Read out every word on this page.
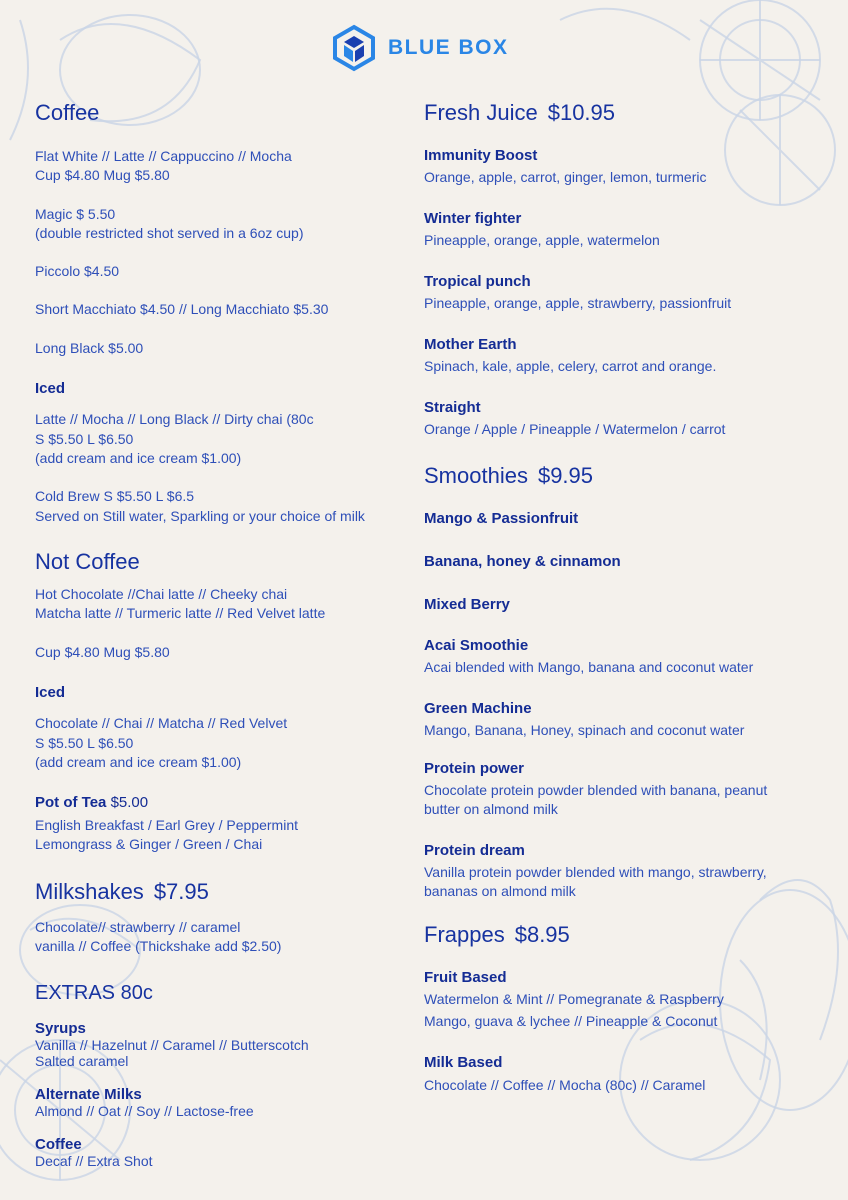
BLUE BOX
Coffee
Flat White // Latte // Cappuccino // Mocha
Cup $4.80 Mug $5.80
Magic $ 5.50
(double restricted shot served in a 6oz cup)
Piccolo $4.50
Short Macchiato $4.50 // Long Macchiato $5.30
Long Black $5.00
Iced
Latte // Mocha // Long Black // Dirty chai (80c
S $5.50 L $6.50
(add cream and ice cream $1.00)
Cold Brew S $5.50 L $6.5
Served on Still water, Sparkling or your choice of milk
Not Coffee
Hot Chocolate //Chai latte // Cheeky chai
Matcha latte // Turmeric latte // Red Velvet latte
Cup $4.80 Mug $5.80
Iced
Chocolate // Chai // Matcha // Red Velvet
S $5.50 L $6.50
(add cream and ice cream $1.00)
Pot of Tea $5.00
English Breakfast / Earl Grey / Peppermint
Lemongrass & Ginger / Green / Chai
Milkshakes $7.95
Chocolate// strawberry // caramel
vanilla // Coffee (Thickshake add $2.50)
EXTRAS 80c
Syrups
Vanilla // Hazelnut // Caramel // Butterscotch
Salted caramel
Alternate Milks
Almond // Oat // Soy // Lactose-free
Coffee
Decaf // Extra Shot
Fresh Juice $10.95
Immunity Boost
Orange, apple, carrot, ginger, lemon, turmeric
Winter fighter
Pineapple, orange, apple, watermelon
Tropical punch
Pineapple, orange, apple, strawberry, passionfruit
Mother Earth
Spinach, kale, apple, celery, carrot and orange.
Straight
Orange / Apple / Pineapple / Watermelon / carrot
Smoothies $9.95
Mango & Passionfruit
Banana, honey & cinnamon
Mixed Berry
Acai Smoothie
Acai blended with Mango, banana and coconut water
Green Machine
Mango, Banana, Honey, spinach and coconut water
Protein power
Chocolate protein powder blended with banana, peanut
butter on almond milk
Protein dream
Vanilla protein powder blended with mango, strawberry,
bananas on almond milk
Frappes $8.95
Fruit Based
Watermelon & Mint // Pomegranate & Raspberry
Mango, guava & lychee // Pineapple & Coconut
Milk Based
Chocolate // Coffee // Mocha (80c) // Caramel
